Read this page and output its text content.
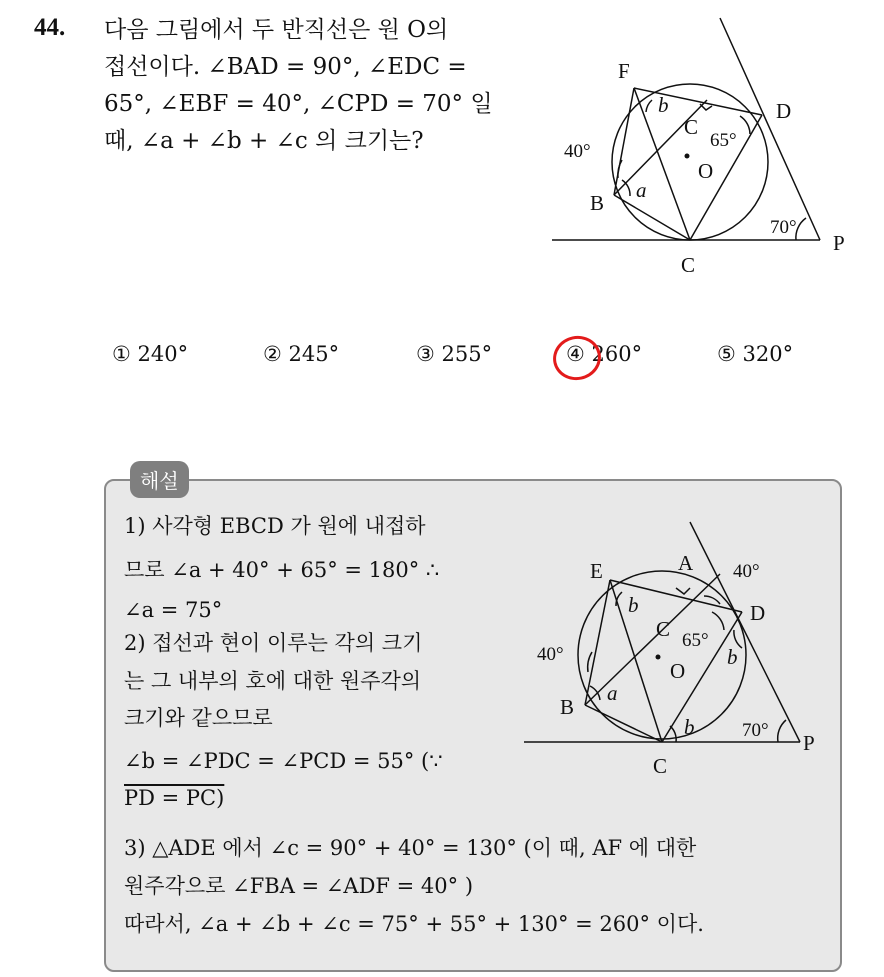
44. 다음 그림에서 두 반직선은 원 O의
접선이다. ∠BAD = 90°, ∠EDC =
65°, ∠EBF = 40°, ∠CPD = 70° 일
때, ∠a + ∠b + ∠c 의 크기는?
F
D
C
O
B
C
P
a
b
40°
65°
70°
① 240°	② 245°	③ 255°	④ 260°	⑤ 320°
해설
1) 사각형 EBCD 가 원에 내접하
므로 ∠a + 40° + 65° = 180° ∴
∠a = 75°
2) 접선과 현이 이루는 각의 크기
는 그 내부의 호에 대한 원주각의
크기와 같으므로
∠b = ∠PDC = ∠PCD = 55° (∵
PD = PC)
E	A
D
C
O
B
C
P
a
b
b
b
40°
40°
65°
70°
3) △ADE 에서 ∠c = 90° + 40° = 130° (이 때, AF 에 대한
원주각으로 ∠FBA = ∠ADF = 40° )
따라서, ∠a + ∠b + ∠c = 75° + 55° + 130° = 260° 이다.
